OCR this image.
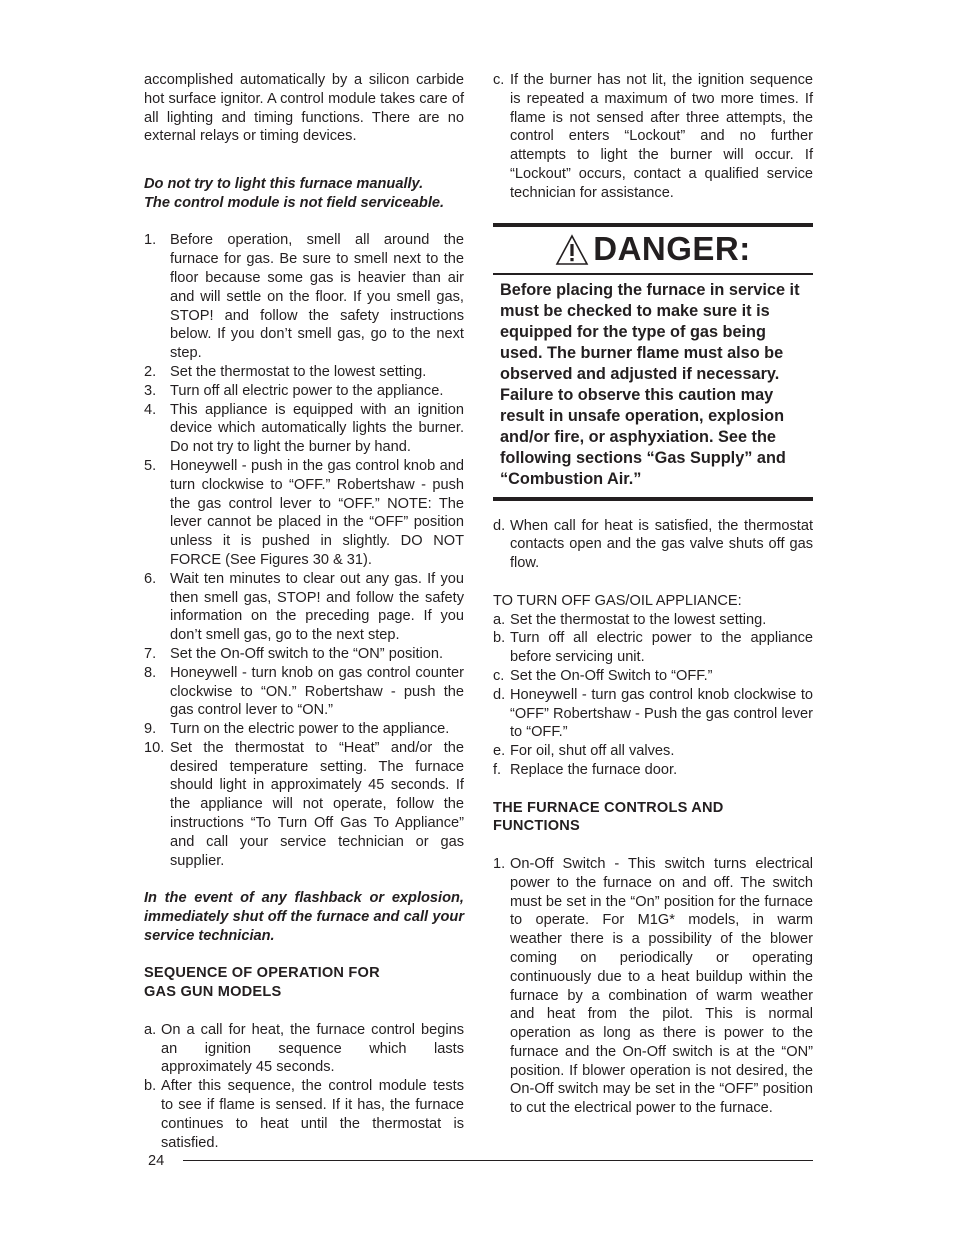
accomplished automatically by a silicon carbide hot surface ignitor. A control module takes care of all lighting and timing functions. There are no external relays or timing devices.

Do not try to light this furnace manually.
The control module is not field serviceable.

1. Before operation, smell all around the furnace for gas. Be sure to smell next to the floor because some gas is heavier than air and will settle on the floor. If you smell gas, STOP! and follow the safety instructions below. If you don’t smell gas, go to the next step.
2. Set the thermostat to the lowest setting.
3. Turn off all electric power to the appliance.
4. This appliance is equipped with an ignition device which automatically lights the burner. Do not try to light the burner by hand.
5. Honeywell - push in the gas control knob and turn clockwise to “OFF.” Robertshaw - push the gas control lever to “OFF.” NOTE: The lever cannot be placed in the “OFF” position unless it is pushed in slightly. DO NOT FORCE (See Figures 30 & 31).
6. Wait ten minutes to clear out any gas. If you then smell gas, STOP! and follow the safety information on the preceding page. If you don’t smell gas, go to the next step.
7. Set the On-Off switch to the “ON” position.
8. Honeywell - turn knob on gas control counter clockwise to “ON.” Robertshaw - push the gas control lever to “ON.”
9. Turn on the electric power to the appliance.
10. Set the thermostat to “Heat” and/or the desired temperature setting. The furnace should light in approximately 45 seconds. If the appliance will not operate, follow the instructions “To Turn Off Gas To Appliance” and call your service technician or gas supplier.

In the event of any flashback or explosion, immediately shut off the furnace and call your service technician.

SEQUENCE OF OPERATION FOR
GAS GUN MODELS

a. On a call for heat, the furnace control begins an ignition sequence which lasts approximately 45 seconds.
b. After this sequence, the control module tests to see if flame is sensed. If it has, the furnace continues to heat until the thermostat is satisfied.
c. If the burner has not lit, the ignition sequence is repeated a maximum of two more times. If flame is not sensed after three attempts, the control enters “Lockout” and no further attempts to light the burner will occur. If “Lockout” occurs, contact a qualified service technician for assistance.
DANGER:
Before placing the furnace in service it must be checked to make sure it is equipped for the type of gas being used. The burner flame must also be observed and adjusted if necessary. Failure to observe this caution may result in unsafe operation, explosion and/or fire, or asphyxiation. See the following sections “Gas Supply” and “Combustion Air.”
d. When call for heat is satisfied, the thermostat contacts open and the gas valve shuts off gas flow.

TO TURN OFF GAS/OIL APPLIANCE:

a. Set the thermostat to the lowest setting.
b. Turn off all electric power to the appliance before servicing unit.
c. Set the On-Off Switch to “OFF.”
d. Honeywell - turn gas control knob clockwise to “OFF” Robertshaw - Push the gas control lever to “OFF.”
e. For oil, shut off all valves.
f. Replace the furnace door.

THE FURNACE CONTROLS AND FUNCTIONS

1. On-Off Switch - This switch turns electrical power to the furnace on and off. The switch must be set in the “On” position for the furnace to operate. For M1G* models, in warm weather there is a possibility of the blower coming on periodically or operating continuously due to a heat buildup within the furnace by a combination of warm weather and heat from the pilot. This is normal operation as long as there is power to the furnace and the On-Off switch is at the “ON” position. If blower operation is not desired, the On-Off switch may be set in the “OFF” position to cut the electrical power to the furnace.
24
